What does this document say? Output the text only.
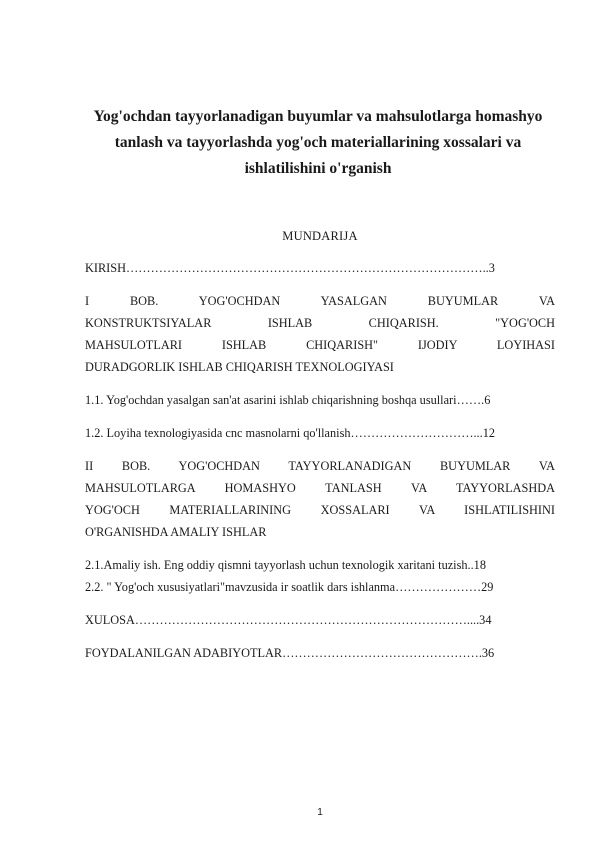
Yog'ochdan tayyorlanadigan buyumlar va mahsulotlarga homashyo
tanlash va tayyorlashda yog'och materiallarining xossalari va
ishlatilishini o'rganish
MUNDARIJA
KIRISH……………………………………………………………………………..3
I BOB. YOG'OCHDAN YASALGAN BUYUMLAR VA
KONSTRUKTSIYALAR ISHLAB CHIQARISH. "YOG'OCH
MAHSULOTLARI ISHLAB CHIQARISH" IJODIY LOYIHASI
DURADGORLIK ISHLAB CHIQARISH TEXNOLOGIYASI
1.1. Yog'ochdan yasalgan san'at asarini ishlab chiqarishning boshqa usullari…….6
1.2. Loyiha texnologiyasida cnc masnolarni qo'llanish…………………………...12
II BOB. YOG'OCHDAN TAYYORLANADIGAN BUYUMLAR VA
MAHSULOTLARGA HOMASHYO TANLASH VA TAYYORLASHDA
YOG'OCH MATERIALLARINING XOSSALARI VA ISHLATILISHINI
O'RGANISHDA AMALIY ISHLAR
2.1.Amaliy ish. Eng oddiy qismni tayyorlash uchun texnologik xaritani tuzish..18
2.2. " Yog'och xususiyatlari"mavzusida ir soatlik dars ishlanma…………………29
XULOSA………………………………………………………………………....34
FOYDALANILGAN ADABIYOTLAR………………………………………….36
1
